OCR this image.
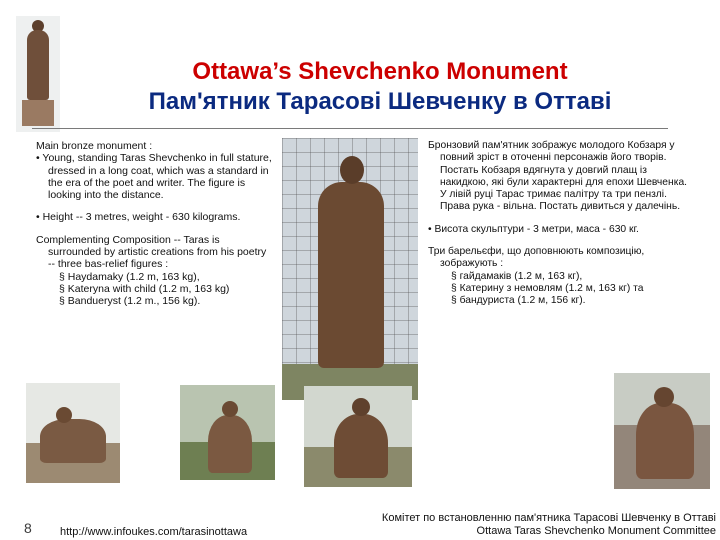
Ottawa’s Shevchenko Monument
Пам'ятник Тарасові Шевченку в Оттаві

Main bronze monument :

• Young, standing Taras Shevchenko in full stature, dressed in a long coat, which was a standard in the era of the poet and writer. The figure is looking into the distance.

• Height -- 3 metres, weight - 630 kilograms.

Complementing Composition -- Taras is surrounded by artistic creations from his poetry -- three bas-relief figures :

§ Haydamaky (1.2 m, 163 kg),

§ Kateryna with child (1.2 m, 163 kg)

§ Bandueryst (1.2 m., 156 kg).

Бронзовий пам'ятник зображує молодого Кобзаря у повний зріст в оточенні персонажів його творів. Постать Кобзаря вдягнута у довгий плащ із накидкою, які були характерні для епохи Шевченка. У лівій руці Тарас тримає палітру та три пензлі. Права рука - вільна. Постать дивиться у далечінь.

• Висота скульптури - 3 метри, маса - 630 кг.

Три барельєфи, що доповнюють композицію, зображують :

§ гайдамаків (1.2 м, 163 кг),

§ Катерину з немовлям (1.2 м, 163 кг) та

§ бандуриста (1.2 м, 156 кг).

8	http://www.infoukes.com/tarasinottawa
Комітет по встановленню пам'ятника Тарасові Шевченку в Оттаві
Ottawa Taras Shevchenko Monument Committee
